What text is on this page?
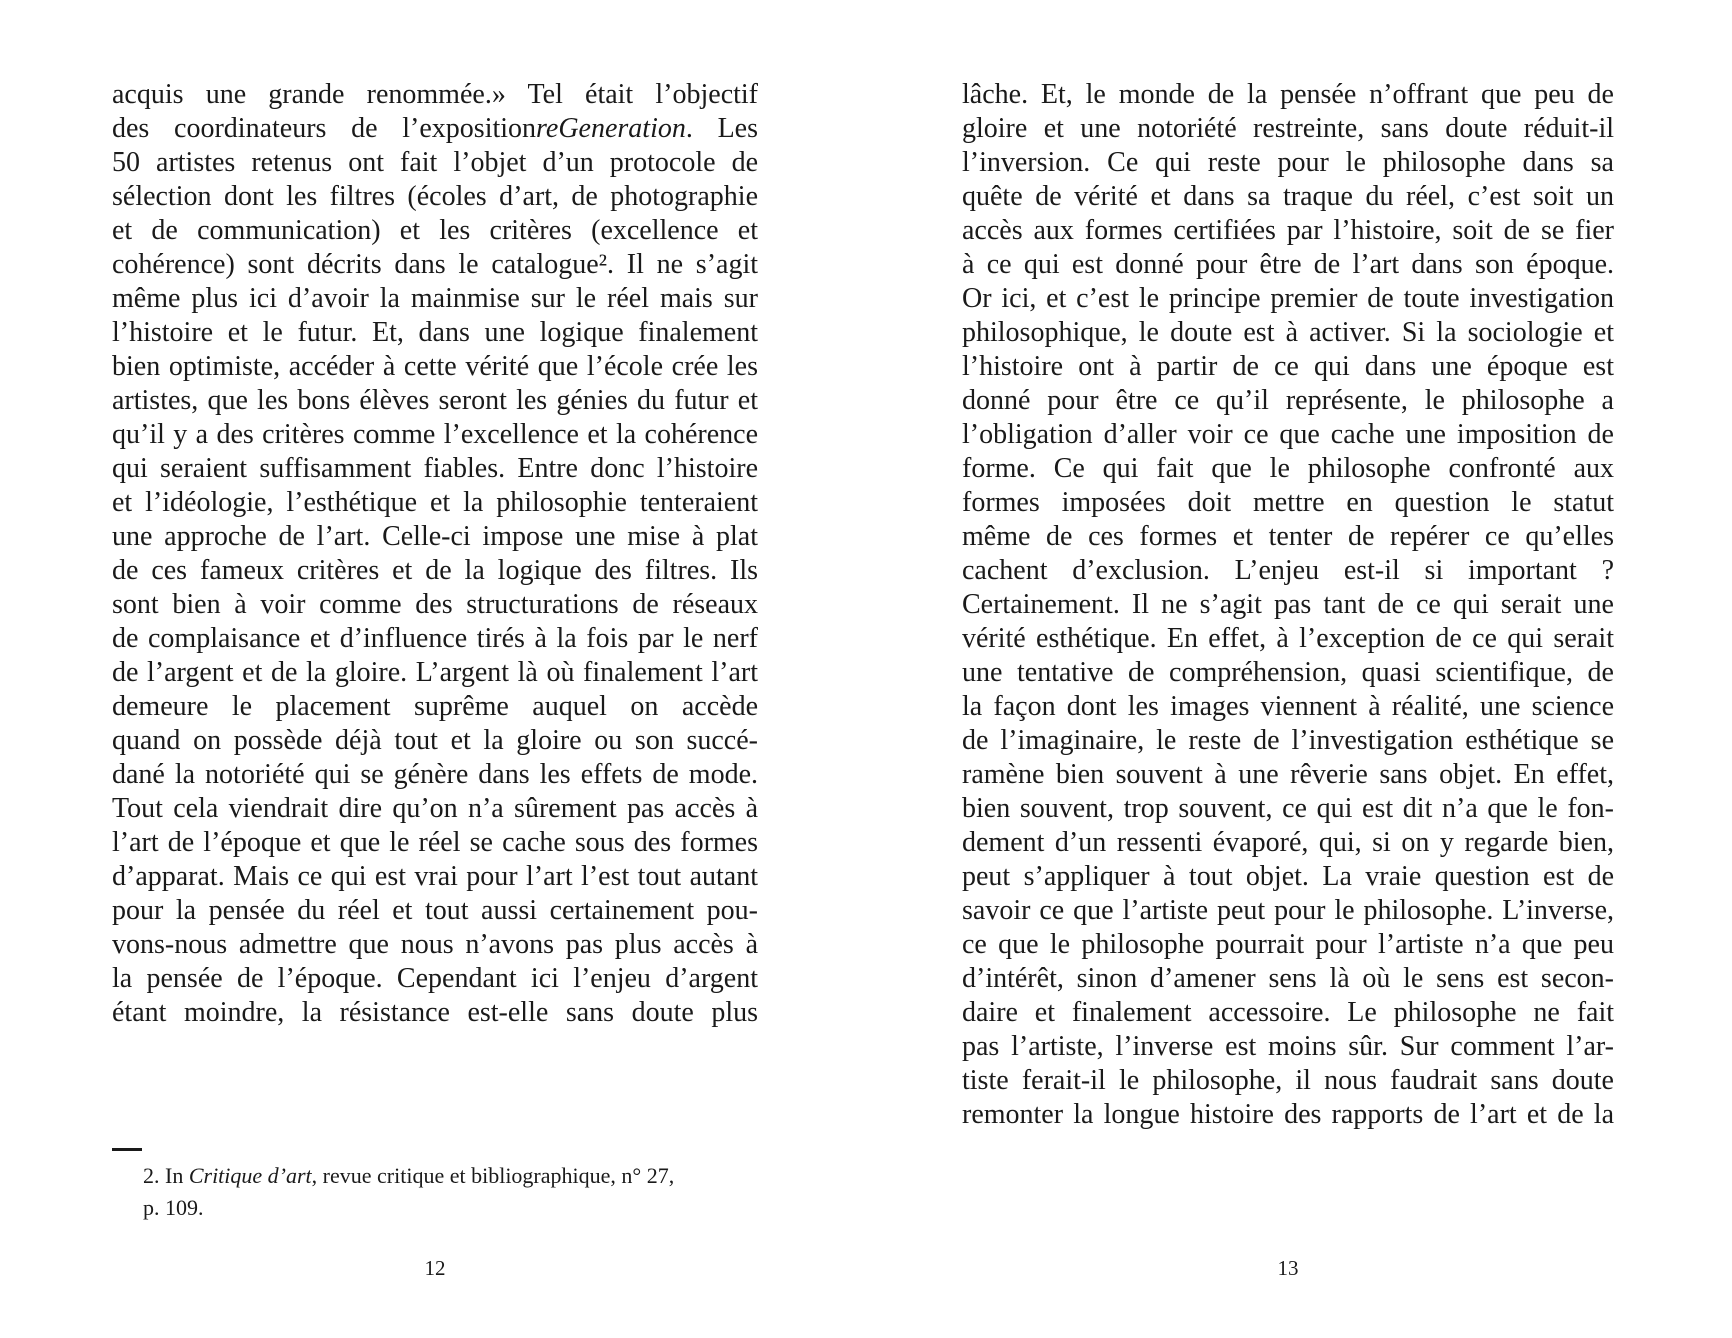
acquis une grande renommée.» Tel était l’objectif
des coordinateurs de l’expositionreGeneration. Les
50 artistes retenus ont fait l’objet d’un protocole de
sélection dont les filtres (écoles d’art, de photographie
et de communication) et les critères (excellence et
cohérence) sont décrits dans le catalogue². Il ne s’agit
même plus ici d’avoir la mainmise sur le réel mais sur
l’histoire et le futur. Et, dans une logique finalement
bien optimiste, accéder à cette vérité que l’école crée les
artistes, que les bons élèves seront les génies du futur et
qu’il y a des critères comme l’excellence et la cohérence
qui seraient suffisamment fiables. Entre donc l’histoire
et l’idéologie, l’esthétique et la philosophie tenteraient
une approche de l’art. Celle-ci impose une mise à plat
de ces fameux critères et de la logique des filtres. Ils
sont bien à voir comme des structurations de réseaux
de complaisance et d’influence tirés à la fois par le nerf
de l’argent et de la gloire. L’argent là où finalement l’art
demeure le placement suprême auquel on accède
quand on possède déjà tout et la gloire ou son succé-
dané la notoriété qui se génère dans les effets de mode.
Tout cela viendrait dire qu’on n’a sûrement pas accès à
l’art de l’époque et que le réel se cache sous des formes
d’apparat. Mais ce qui est vrai pour l’art l’est tout autant
pour la pensée du réel et tout aussi certainement pou-
vons-nous admettre que nous n’avons pas plus accès à
la pensée de l’époque. Cependant ici l’enjeu d’argent
étant moindre, la résistance est-elle sans doute plus
2. In Critique d’art, revue critique et bibliographique, n° 27,
p. 109.
12
lâche. Et, le monde de la pensée n’offrant que peu de
gloire et une notoriété restreinte, sans doute réduit-il
l’inversion. Ce qui reste pour le philosophe dans sa
quête de vérité et dans sa traque du réel, c’est soit un
accès aux formes certifiées par l’histoire, soit de se fier
à ce qui est donné pour être de l’art dans son époque.
Or ici, et c’est le principe premier de toute investigation
philosophique, le doute est à activer. Si la sociologie et
l’histoire ont à partir de ce qui dans une époque est
donné pour être ce qu’il représente, le philosophe a
l’obligation d’aller voir ce que cache une imposition de
forme. Ce qui fait que le philosophe confronté aux
formes imposées doit mettre en question le statut
même de ces formes et tenter de repérer ce qu’elles
cachent d’exclusion. L’enjeu est-il si important ?
Certainement. Il ne s’agit pas tant de ce qui serait une
vérité esthétique. En effet, à l’exception de ce qui serait
une tentative de compréhension, quasi scientifique, de
la façon dont les images viennent à réalité, une science
de l’imaginaire, le reste de l’investigation esthétique se
ramène bien souvent à une rêverie sans objet. En effet,
bien souvent, trop souvent, ce qui est dit n’a que le fon-
dement d’un ressenti évaporé, qui, si on y regarde bien,
peut s’appliquer à tout objet. La vraie question est de
savoir ce que l’artiste peut pour le philosophe. L’inverse,
ce que le philosophe pourrait pour l’artiste n’a que peu
d’intérêt, sinon d’amener sens là où le sens est secon-
daire et finalement accessoire. Le philosophe ne fait
pas l’artiste, l’inverse est moins sûr. Sur comment l’ar-
tiste ferait-il le philosophe, il nous faudrait sans doute
remonter la longue histoire des rapports de l’art et de la
13
